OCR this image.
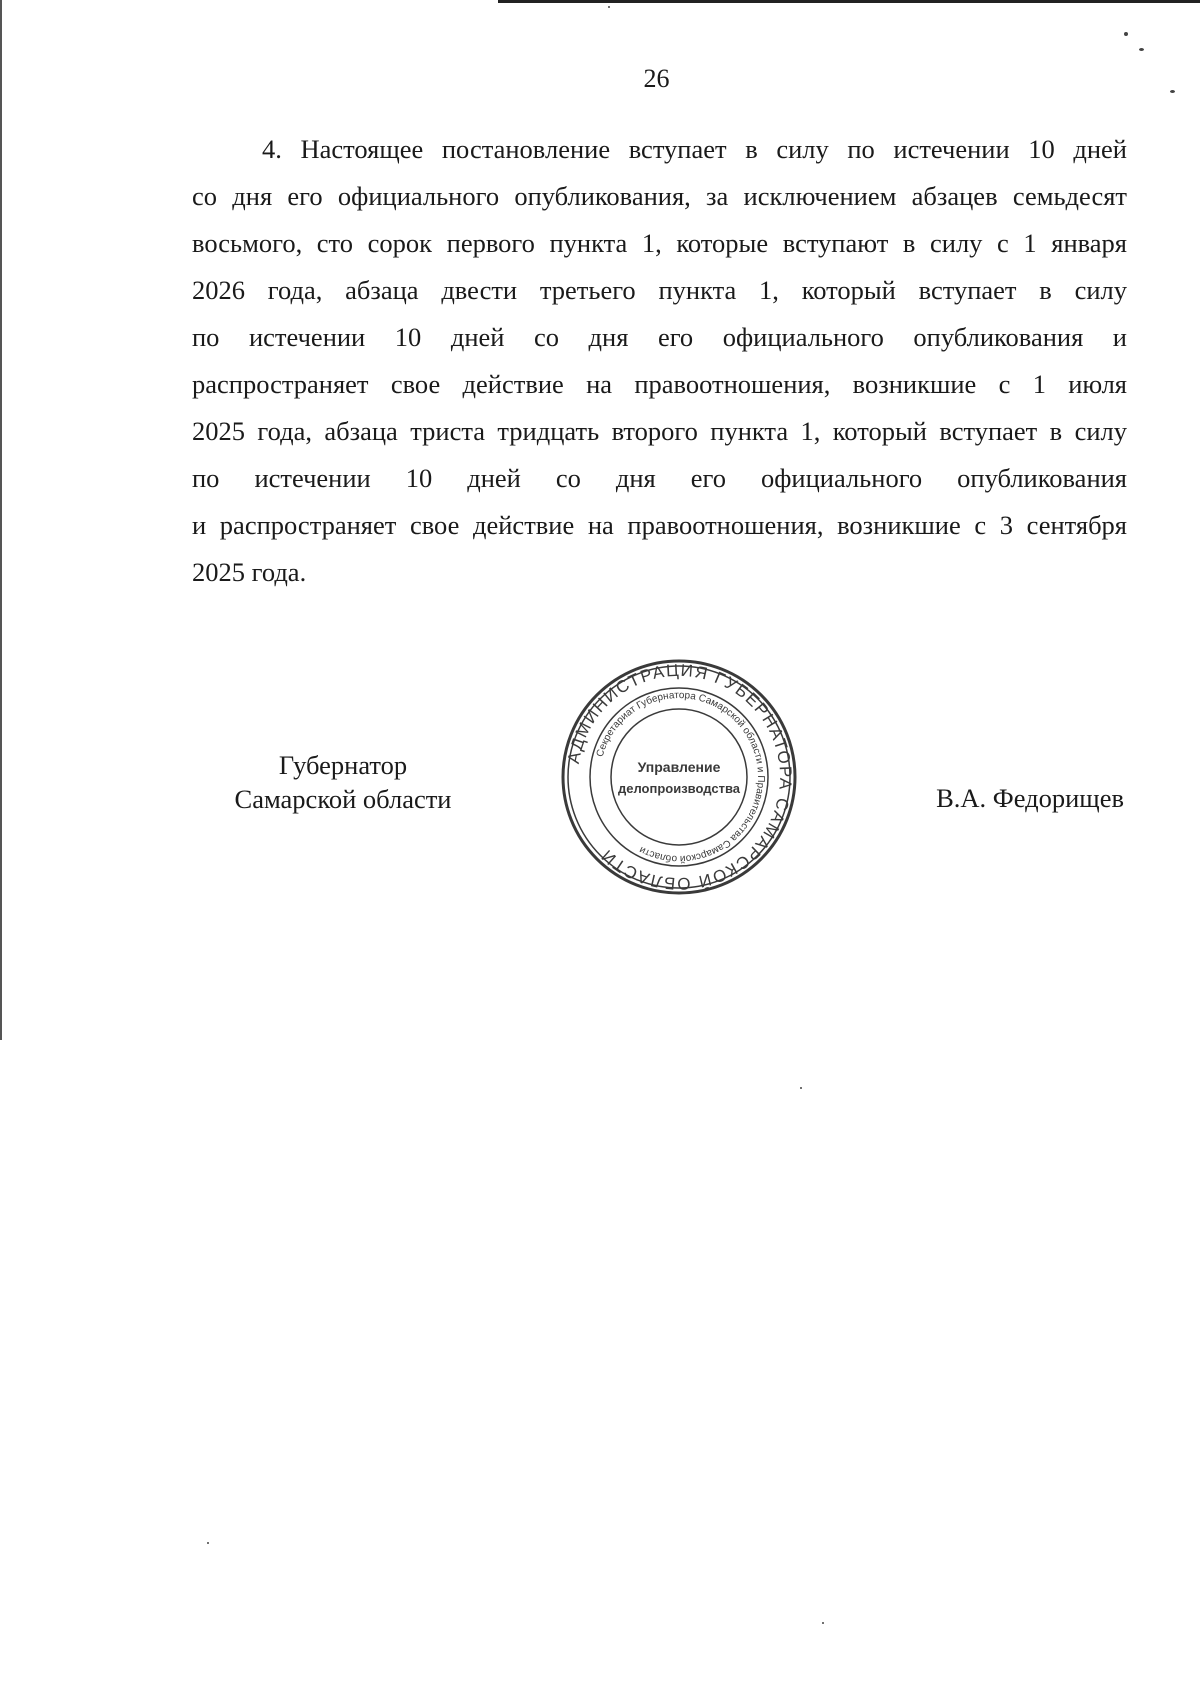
26
4. Настоящее постановление вступает в силу по истечении 10 дней
со дня его официального опубликования, за исключением абзацев семьдесят
восьмого, сто сорок первого пункта 1, которые вступают в силу с 1 января
2026 года, абзаца двести третьего пункта 1, который вступает в силу
по истечении 10 дней со дня его официального опубликования и
распространяет свое действие на правоотношения, возникшие с 1 июля
2025 года, абзаца триста тридцать второго пункта 1, который вступает в силу
по истечении 10 дней со дня его официального опубликования
и распространяет свое действие на правоотношения, возникшие с 3 сентября
2025 года.
Губернатор
Самарской области	В.А. Федорищев
АДМИНИСТРАЦИЯ ГУБЕРНАТОРА САМАРСКОЙ ОБЛАСТИ
Секретариат Губернатора Самарской области и Правительства Самарской области
Управление
делопроизводства
